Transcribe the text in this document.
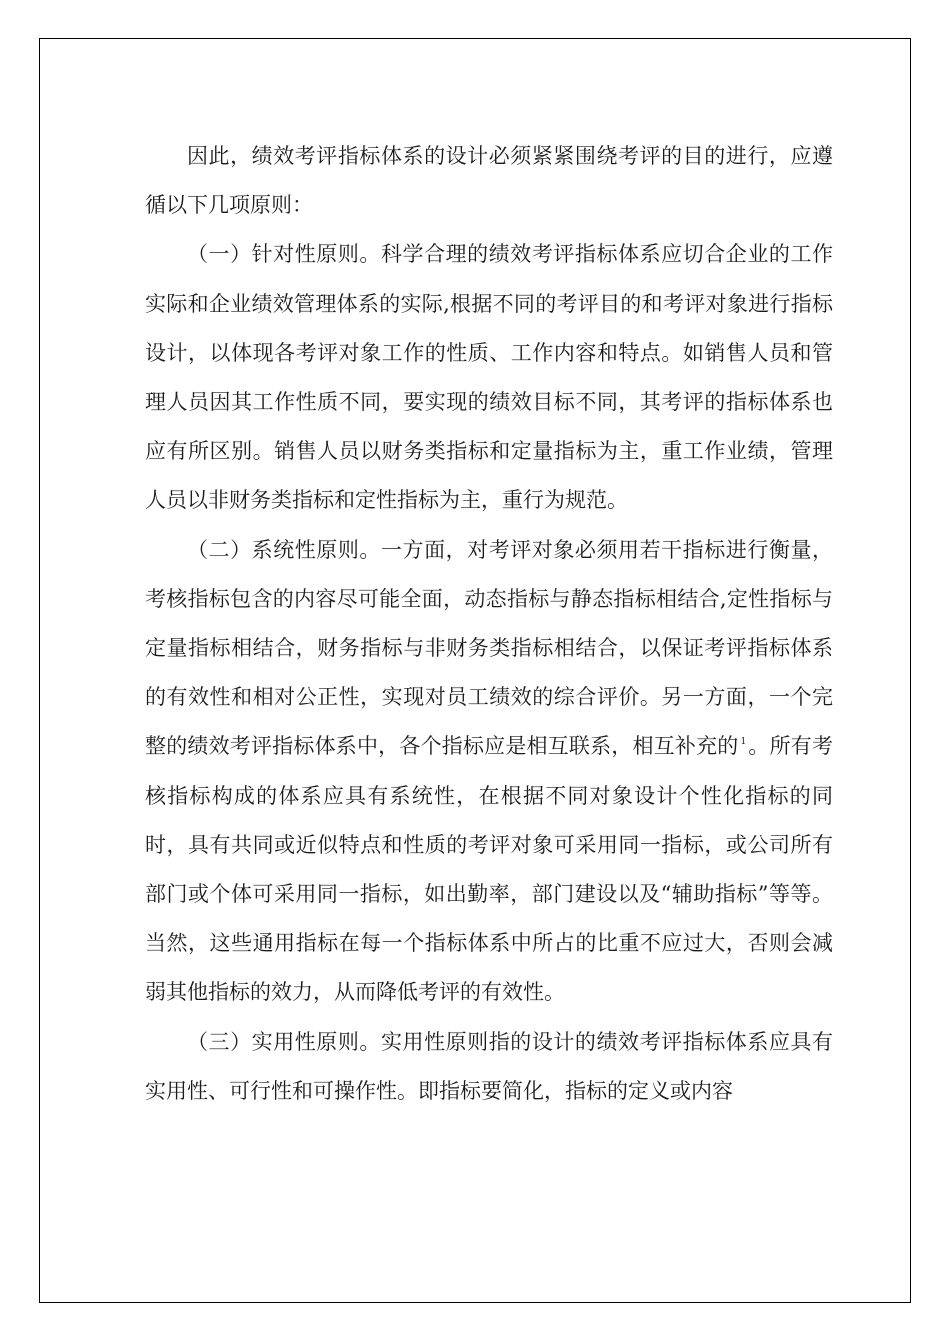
因此，绩效考评指标体系的设计必须紧紧围绕考评的目的进行，应遵循以下几项原则：

（一）针对性原则。科学合理的绩效考评指标体系应切合企业的工作实际和企业绩效管理体系的实际,根据不同的考评目的和考评对象进行指标设计，以体现各考评对象工作的性质、工作内容和特点。如销售人员和管理人员因其工作性质不同，要实现的绩效目标不同，其考评的指标体系也应有所区别。销售人员以财务类指标和定量指标为主，重工作业绩，管理人员以非财务类指标和定性指标为主，重行为规范。

（二）系统性原则。一方面，对考评对象必须用若干指标进行衡量，考核指标包含的内容尽可能全面，动态指标与静态指标相结合,定性指标与定量指标相结合，财务指标与非财务类指标相结合，以保证考评指标体系的有效性和相对公正性，实现对员工绩效的综合评价。另一方面，一个完整的绩效考评指标体系中，各个指标应是相互联系，相互补充的 $^1$。所有考核指标构成的体系应具有系统性，在根据不同对象设计个性化指标的同时，具有共同或近似特点和性质的考评对象可采用同一指标，或公司所有部门或个体可采用同一指标，如出勤率，部门建设以及“辅助指标”等等。当然，这些通用指标在每一个指标体系中所占的比重不应过大，否则会减弱其他指标的效力，从而降低考评的有效性。

（三）实用性原则。实用性原则指的设计的绩效考评指标体系应具有实用性、可行性和可操作性。即指标要简化，指标的定义或内容
